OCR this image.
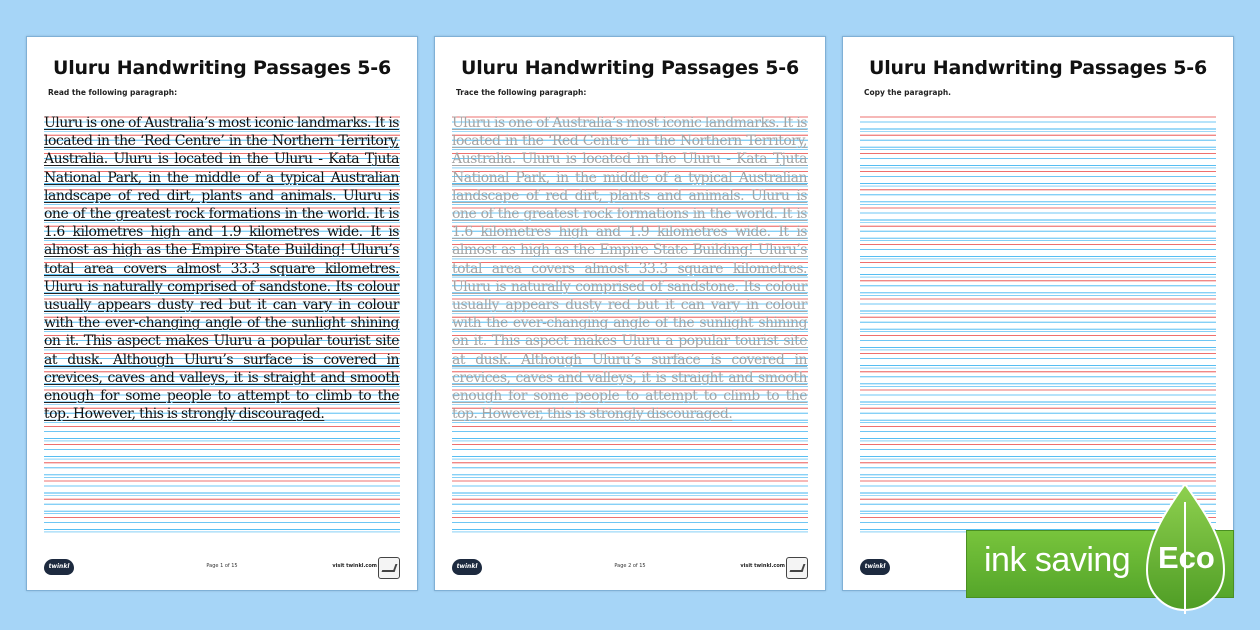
Uluru Handwriting Passages 5-6
Read the following paragraph:
Uluru is one of Australia’s most iconic landmarks. It is located in the ‘Red Centre’ in the Northern Territory, Australia. Uluru is located in the Uluru - Kata Tjuta National Park, in the middle of a typical Australian landscape of red dirt, plants and animals. Uluru is one of the greatest rock formations in the world. It is 1.6 kilometres high and 1.9 kilometres wide. It is almost as high as the Empire State Building! Uluru’s total area covers almost 33.3 square kilometres. Uluru is naturally comprised of sandstone. Its colour usually appears dusty red but it can vary in colour with the ever-changing angle of the sunlight shining on it. This aspect makes Uluru a popular tourist site at dusk. Although Uluru’s surface is covered in crevices, caves and valleys, it is straight and smooth enough for some people to attempt to climb to the top. However, this is strongly discouraged.
twinkl	Page 1 of 15	visit twinkl.com
Uluru Handwriting Passages 5-6
Trace the following paragraph:
Uluru is one of Australia’s most iconic landmarks. It is located in the ‘Red Centre’ in the Northern Territory, Australia. Uluru is located in the Uluru - Kata Tjuta National Park, in the middle of a typical Australian landscape of red dirt, plants and animals. Uluru is one of the greatest rock formations in the world. It is 1.6 kilometres high and 1.9 kilometres wide. It is almost as high as the Empire State Building! Uluru’s total area covers almost 33.3 square kilometres. Uluru is naturally comprised of sandstone. Its colour usually appears dusty red but it can vary in colour with the ever-changing angle of the sunlight shining on it. This aspect makes Uluru a popular tourist site at dusk. Although Uluru’s surface is covered in crevices, caves and valleys, it is straight and smooth enough for some people to attempt to climb to the top. However, this is strongly discouraged.
twinkl	Page 2 of 15	visit twinkl.com
Uluru Handwriting Passages 5-6
Copy the paragraph.
twinkl	ink saving Eco
